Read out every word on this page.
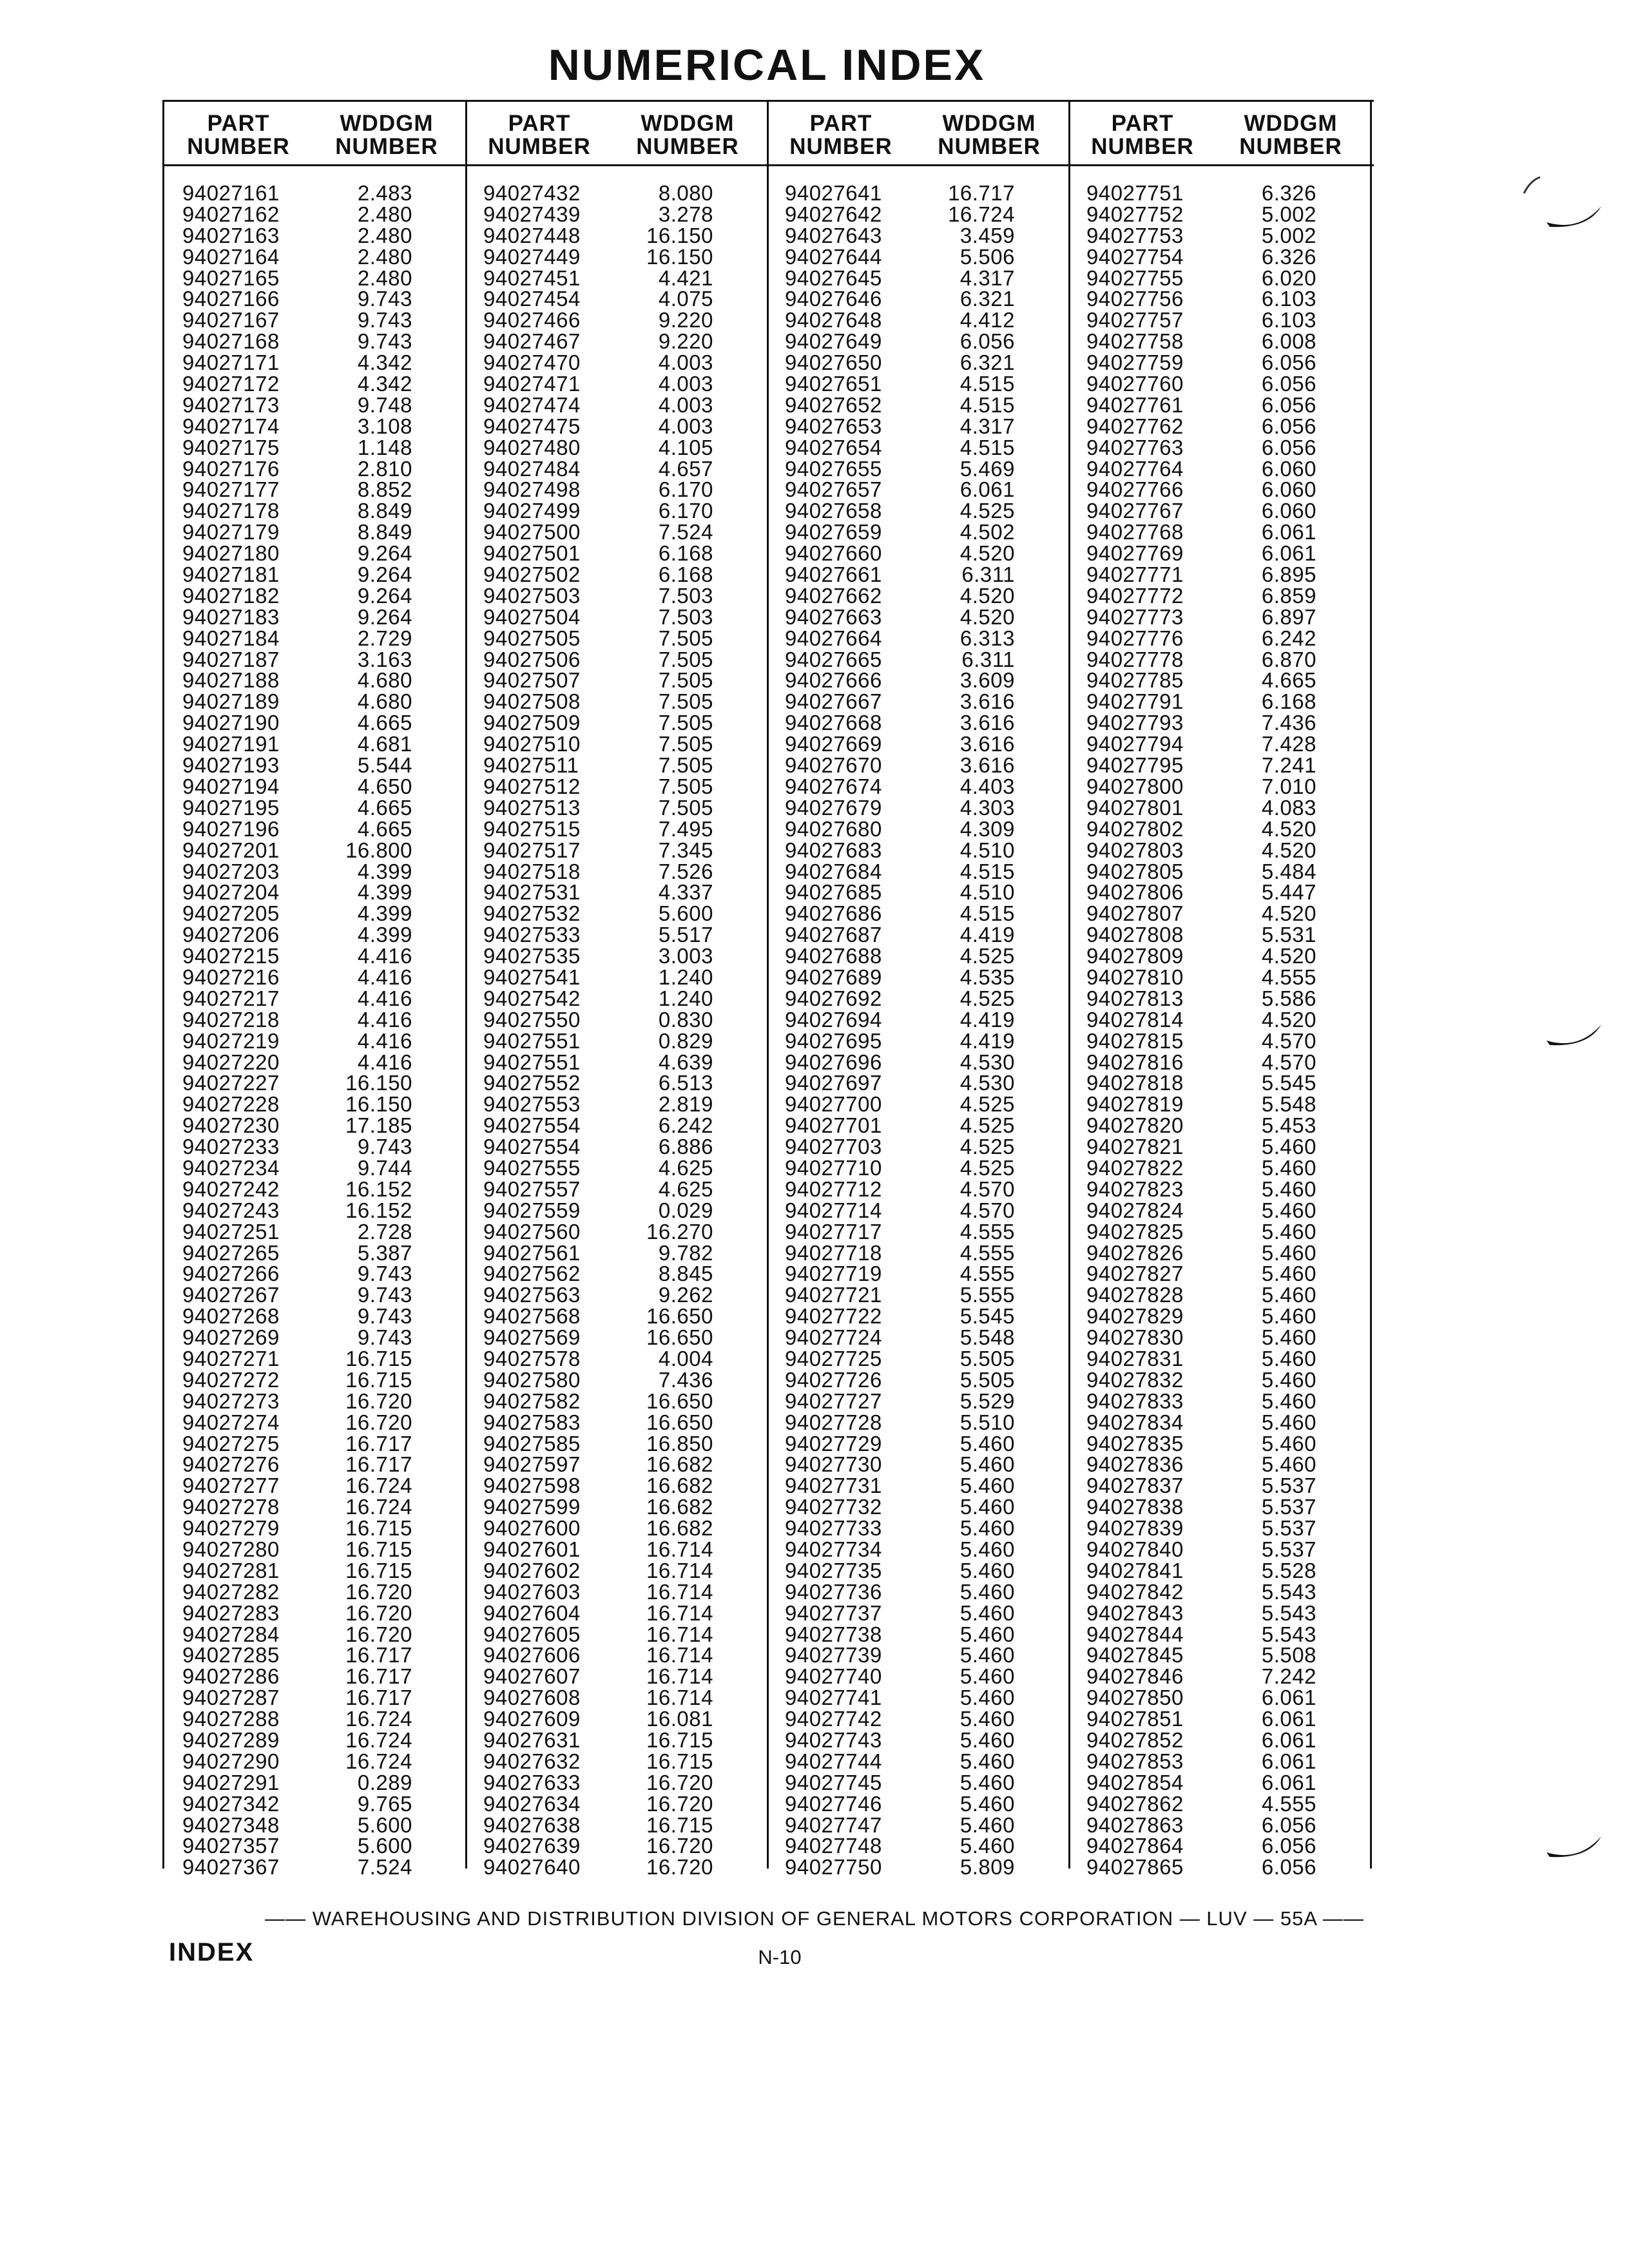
NUMERICAL INDEX
PART
NUMBER
WDDGM
NUMBER
94027161	2.483
94027162	2.480
94027163	2.480
94027164	2.480
94027165	2.480
94027166	9.743
94027167	9.743
94027168	9.743
94027171	4.342
94027172	4.342
94027173	9.748
94027174	3.108
94027175	1.148
94027176	2.810
94027177	8.852
94027178	8.849
94027179	8.849
94027180	9.264
94027181	9.264
94027182	9.264
94027183	9.264
94027184	2.729
94027187	3.163
94027188	4.680
94027189	4.680
94027190	4.665
94027191	4.681
94027193	5.544
94027194	4.650
94027195	4.665
94027196	4.665
94027201	16.800
94027203	4.399
94027204	4.399
94027205	4.399
94027206	4.399
94027215	4.416
94027216	4.416
94027217	4.416
94027218	4.416
94027219	4.416
94027220	4.416
94027227	16.150
94027228	16.150
94027230	17.185
94027233	9.743
94027234	9.744
94027242	16.152
94027243	16.152
94027251	2.728
94027265	5.387
94027266	9.743
94027267	9.743
94027268	9.743
94027269	9.743
94027271	16.715
94027272	16.715
94027273	16.720
94027274	16.720
94027275	16.717
94027276	16.717
94027277	16.724
94027278	16.724
94027279	16.715
94027280	16.715
94027281	16.715
94027282	16.720
94027283	16.720
94027284	16.720
94027285	16.717
94027286	16.717
94027287	16.717
94027288	16.724
94027289	16.724
94027290	16.724
94027291	0.289
94027342	9.765
94027348	5.600
94027357	5.600
94027367	7.524
PART
NUMBER
WDDGM
NUMBER
94027432	8.080
94027439	3.278
94027448	16.150
94027449	16.150
94027451	4.421
94027454	4.075
94027466	9.220
94027467	9.220
94027470	4.003
94027471	4.003
94027474	4.003
94027475	4.003
94027480	4.105
94027484	4.657
94027498	6.170
94027499	6.170
94027500	7.524
94027501	6.168
94027502	6.168
94027503	7.503
94027504	7.503
94027505	7.505
94027506	7.505
94027507	7.505
94027508	7.505
94027509	7.505
94027510	7.505
94027511	7.505
94027512	7.505
94027513	7.505
94027515	7.495
94027517	7.345
94027518	7.526
94027531	4.337
94027532	5.600
94027533	5.517
94027535	3.003
94027541	1.240
94027542	1.240
94027550	0.830
94027551	0.829
94027551	4.639
94027552	6.513
94027553	2.819
94027554	6.242
94027554	6.886
94027555	4.625
94027557	4.625
94027559	0.029
94027560	16.270
94027561	9.782
94027562	8.845
94027563	9.262
94027568	16.650
94027569	16.650
94027578	4.004
94027580	7.436
94027582	16.650
94027583	16.650
94027585	16.850
94027597	16.682
94027598	16.682
94027599	16.682
94027600	16.682
94027601	16.714
94027602	16.714
94027603	16.714
94027604	16.714
94027605	16.714
94027606	16.714
94027607	16.714
94027608	16.714
94027609	16.081
94027631	16.715
94027632	16.715
94027633	16.720
94027634	16.720
94027638	16.715
94027639	16.720
94027640	16.720
PART
NUMBER
WDDGM
NUMBER
94027641	16.717
94027642	16.724
94027643	3.459
94027644	5.506
94027645	4.317
94027646	6.321
94027648	4.412
94027649	6.056
94027650	6.321
94027651	4.515
94027652	4.515
94027653	4.317
94027654	4.515
94027655	5.469
94027657	6.061
94027658	4.525
94027659	4.502
94027660	4.520
94027661	6.311
94027662	4.520
94027663	4.520
94027664	6.313
94027665	6.311
94027666	3.609
94027667	3.616
94027668	3.616
94027669	3.616
94027670	3.616
94027674	4.403
94027679	4.303
94027680	4.309
94027683	4.510
94027684	4.515
94027685	4.510
94027686	4.515
94027687	4.419
94027688	4.525
94027689	4.535
94027692	4.525
94027694	4.419
94027695	4.419
94027696	4.530
94027697	4.530
94027700	4.525
94027701	4.525
94027703	4.525
94027710	4.525
94027712	4.570
94027714	4.570
94027717	4.555
94027718	4.555
94027719	4.555
94027721	5.555
94027722	5.545
94027724	5.548
94027725	5.505
94027726	5.505
94027727	5.529
94027728	5.510
94027729	5.460
94027730	5.460
94027731	5.460
94027732	5.460
94027733	5.460
94027734	5.460
94027735	5.460
94027736	5.460
94027737	5.460
94027738	5.460
94027739	5.460
94027740	5.460
94027741	5.460
94027742	5.460
94027743	5.460
94027744	5.460
94027745	5.460
94027746	5.460
94027747	5.460
94027748	5.460
94027750	5.809
PART
NUMBER
WDDGM
NUMBER
94027751	6.326
94027752	5.002
94027753	5.002
94027754	6.326
94027755	6.020
94027756	6.103
94027757	6.103
94027758	6.008
94027759	6.056
94027760	6.056
94027761	6.056
94027762	6.056
94027763	6.056
94027764	6.060
94027766	6.060
94027767	6.060
94027768	6.061
94027769	6.061
94027771	6.895
94027772	6.859
94027773	6.897
94027776	6.242
94027778	6.870
94027785	4.665
94027791	6.168
94027793	7.436
94027794	7.428
94027795	7.241
94027800	7.010
94027801	4.083
94027802	4.520
94027803	4.520
94027805	5.484
94027806	5.447
94027807	4.520
94027808	5.531
94027809	4.520
94027810	4.555
94027813	5.586
94027814	4.520
94027815	4.570
94027816	4.570
94027818	5.545
94027819	5.548
94027820	5.453
94027821	5.460
94027822	5.460
94027823	5.460
94027824	5.460
94027825	5.460
94027826	5.460
94027827	5.460
94027828	5.460
94027829	5.460
94027830	5.460
94027831	5.460
94027832	5.460
94027833	5.460
94027834	5.460
94027835	5.460
94027836	5.460
94027837	5.537
94027838	5.537
94027839	5.537
94027840	5.537
94027841	5.528
94027842	5.543
94027843	5.543
94027844	5.543
94027845	5.508
94027846	7.242
94027850	6.061
94027851	6.061
94027852	6.061
94027853	6.061
94027854	6.061
94027862	4.555
94027863	6.056
94027864	6.056
94027865	6.056
—— WAREHOUSING AND DISTRIBUTION DIVISION OF GENERAL MOTORS CORPORATION — LUV — 55A ——
INDEX	N-10
